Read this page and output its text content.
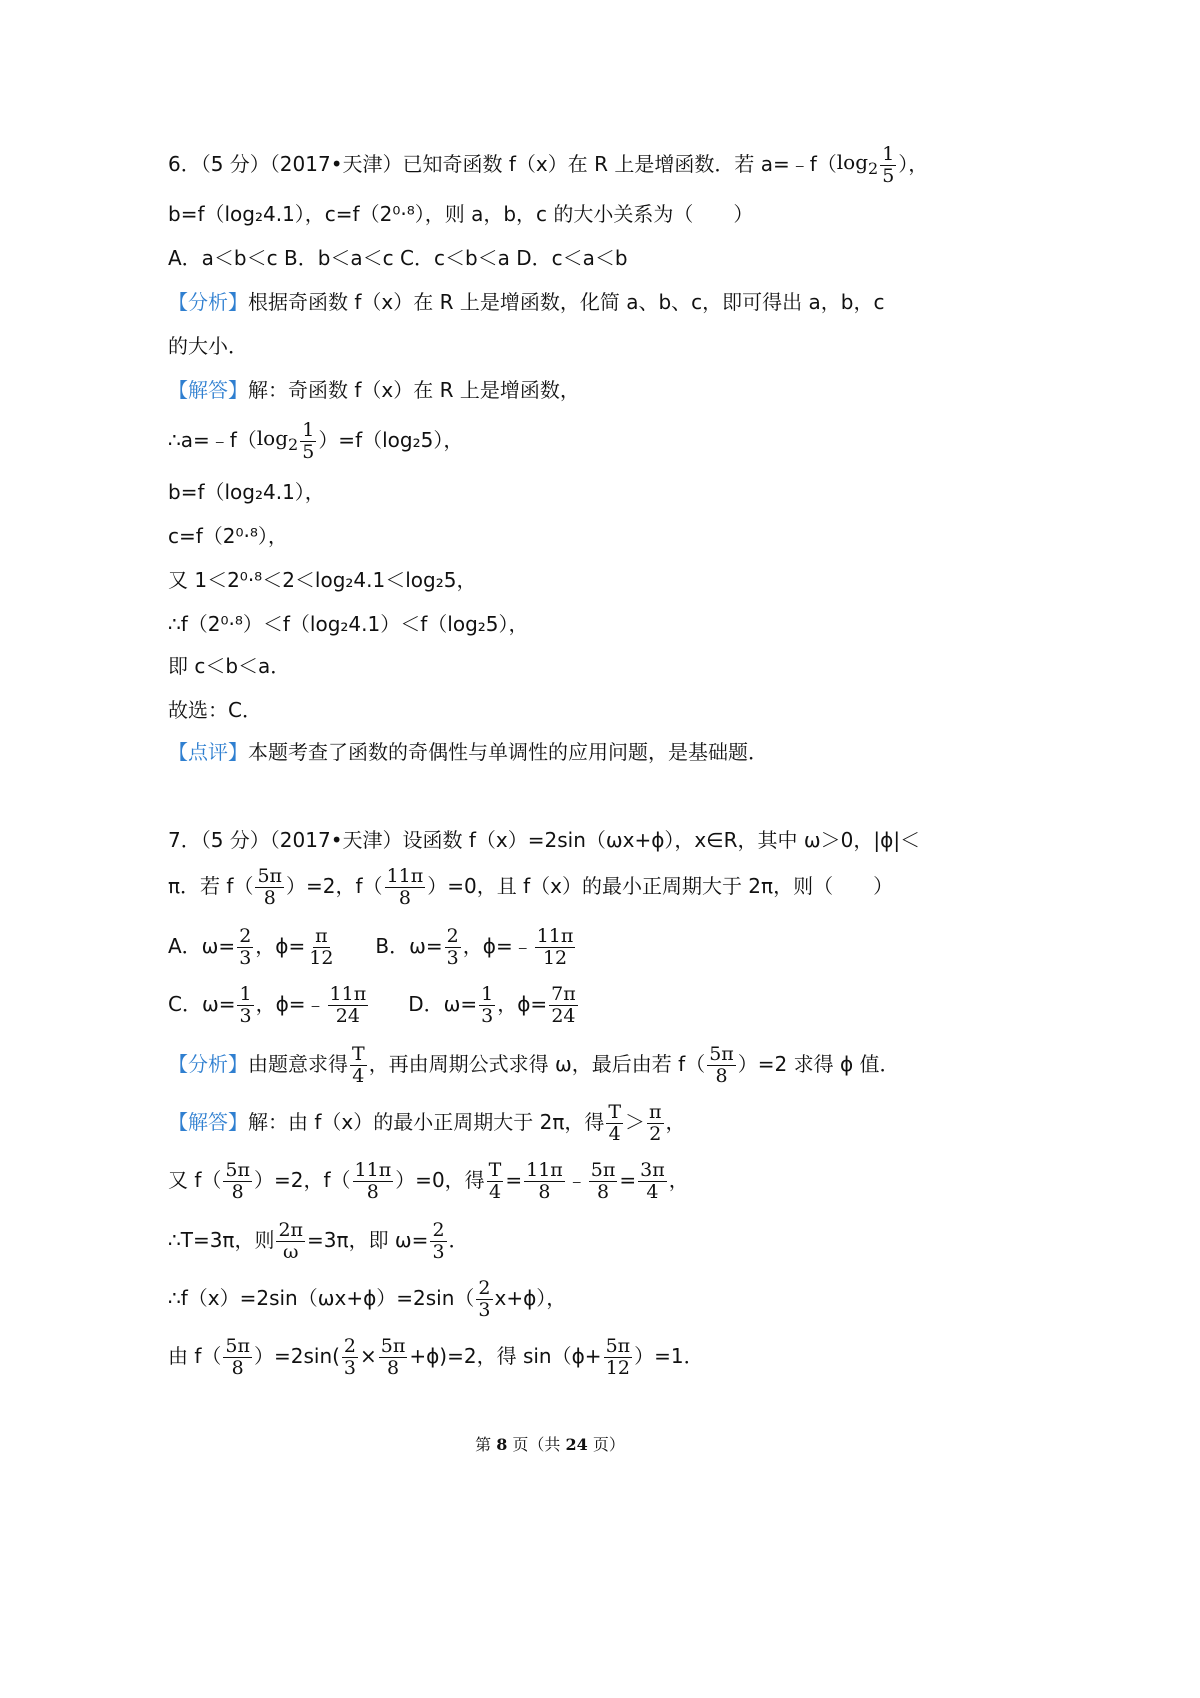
6．（5 分）（2017•天津）已知奇函数 f（x）在 R 上是增函数．若 $a=﹣f(\log_2 \frac{1}{5}$ ），
b=f（log₂4.1），c=f（2⁰·⁸），则 a，b，c 的大小关系为（　　）
A．a＜b＜c B．b＜a＜c C．c＜b＜a D．c＜a＜b
【分析】根据奇函数 f（x）在 R 上是增函数，化简 a、b、c，即可得出 a，b，c
的大小．
【解答】解：奇函数 f（x）在 R 上是增函数，
$\therefore a=﹣f(\log_2 \frac{1}{5} )=f(\log_25)$，
b=f（log₂4.1），
c=f（2⁰·⁸），
又 1＜2⁰·⁸＜2＜log₂4.1＜log₂5，
∴f（2⁰·⁸）＜f（log₂4.1）＜f（log₂5），
即 c＜b＜a．
故选：C．
【点评】本题考查了函数的奇偶性与单调性的应用问题，是基础题．
7．（5 分）（2017•天津）设函数 f（x）=2sin（ωx+ϕ），x∈R，其中 ω＞0，|ϕ|＜
π．若 $f( \frac{5\pi}{8} )=2$，$f( \frac{11\pi}{8} )=0$，且 f（x）的最小正周期大于 2π，则（　　）
A．$\omega= \frac{2}{3}$ ，$\phi= \frac{\pi}{12}$ B．$\omega= \frac{2}{3}$ ，ϕ=﹣ $\frac{11\pi}{12}$
C．$\omega= \frac{1}{3}$ ，ϕ=﹣ $\frac{11\pi}{24}$ D．$\omega= \frac{1}{3}$ ，$\phi= \frac{7\pi}{24}$
【分析】由题意求得 $\frac{T}{4}$ ，再由周期公式求得 ω，最后由若 $f( \frac{5\pi}{8} )=2$ 求得 ϕ 值．
【解答】解：由 f（x）的最小正周期大于 2π，得 $\frac{T}{4} > \frac{\pi}{2}$ ，
又 $f( \frac{5\pi}{8} )=2$，$f( \frac{11\pi}{8} )=0$，得 $\frac{T}{4} = \frac{11\pi}{8}$ ﹣ $\frac{5\pi}{8} = \frac{3\pi}{4}$ ，
∴T=3π，则 $\frac{2\pi}{\omega} =3\pi$，即 $\omega= \frac{2}{3}$ ．
∴f（x）=2sin（ωx+ϕ）=2sin（ $\frac{2}{3} x+\phi$），
由 $f( \frac{5\pi}{8} )=2\sin( \frac{2}{3} \times \frac{5\pi}{8} +\phi)=2$，得 $\sin(\phi+ \frac{5\pi}{12} )=1$．
第 8 页（共 24 页）
